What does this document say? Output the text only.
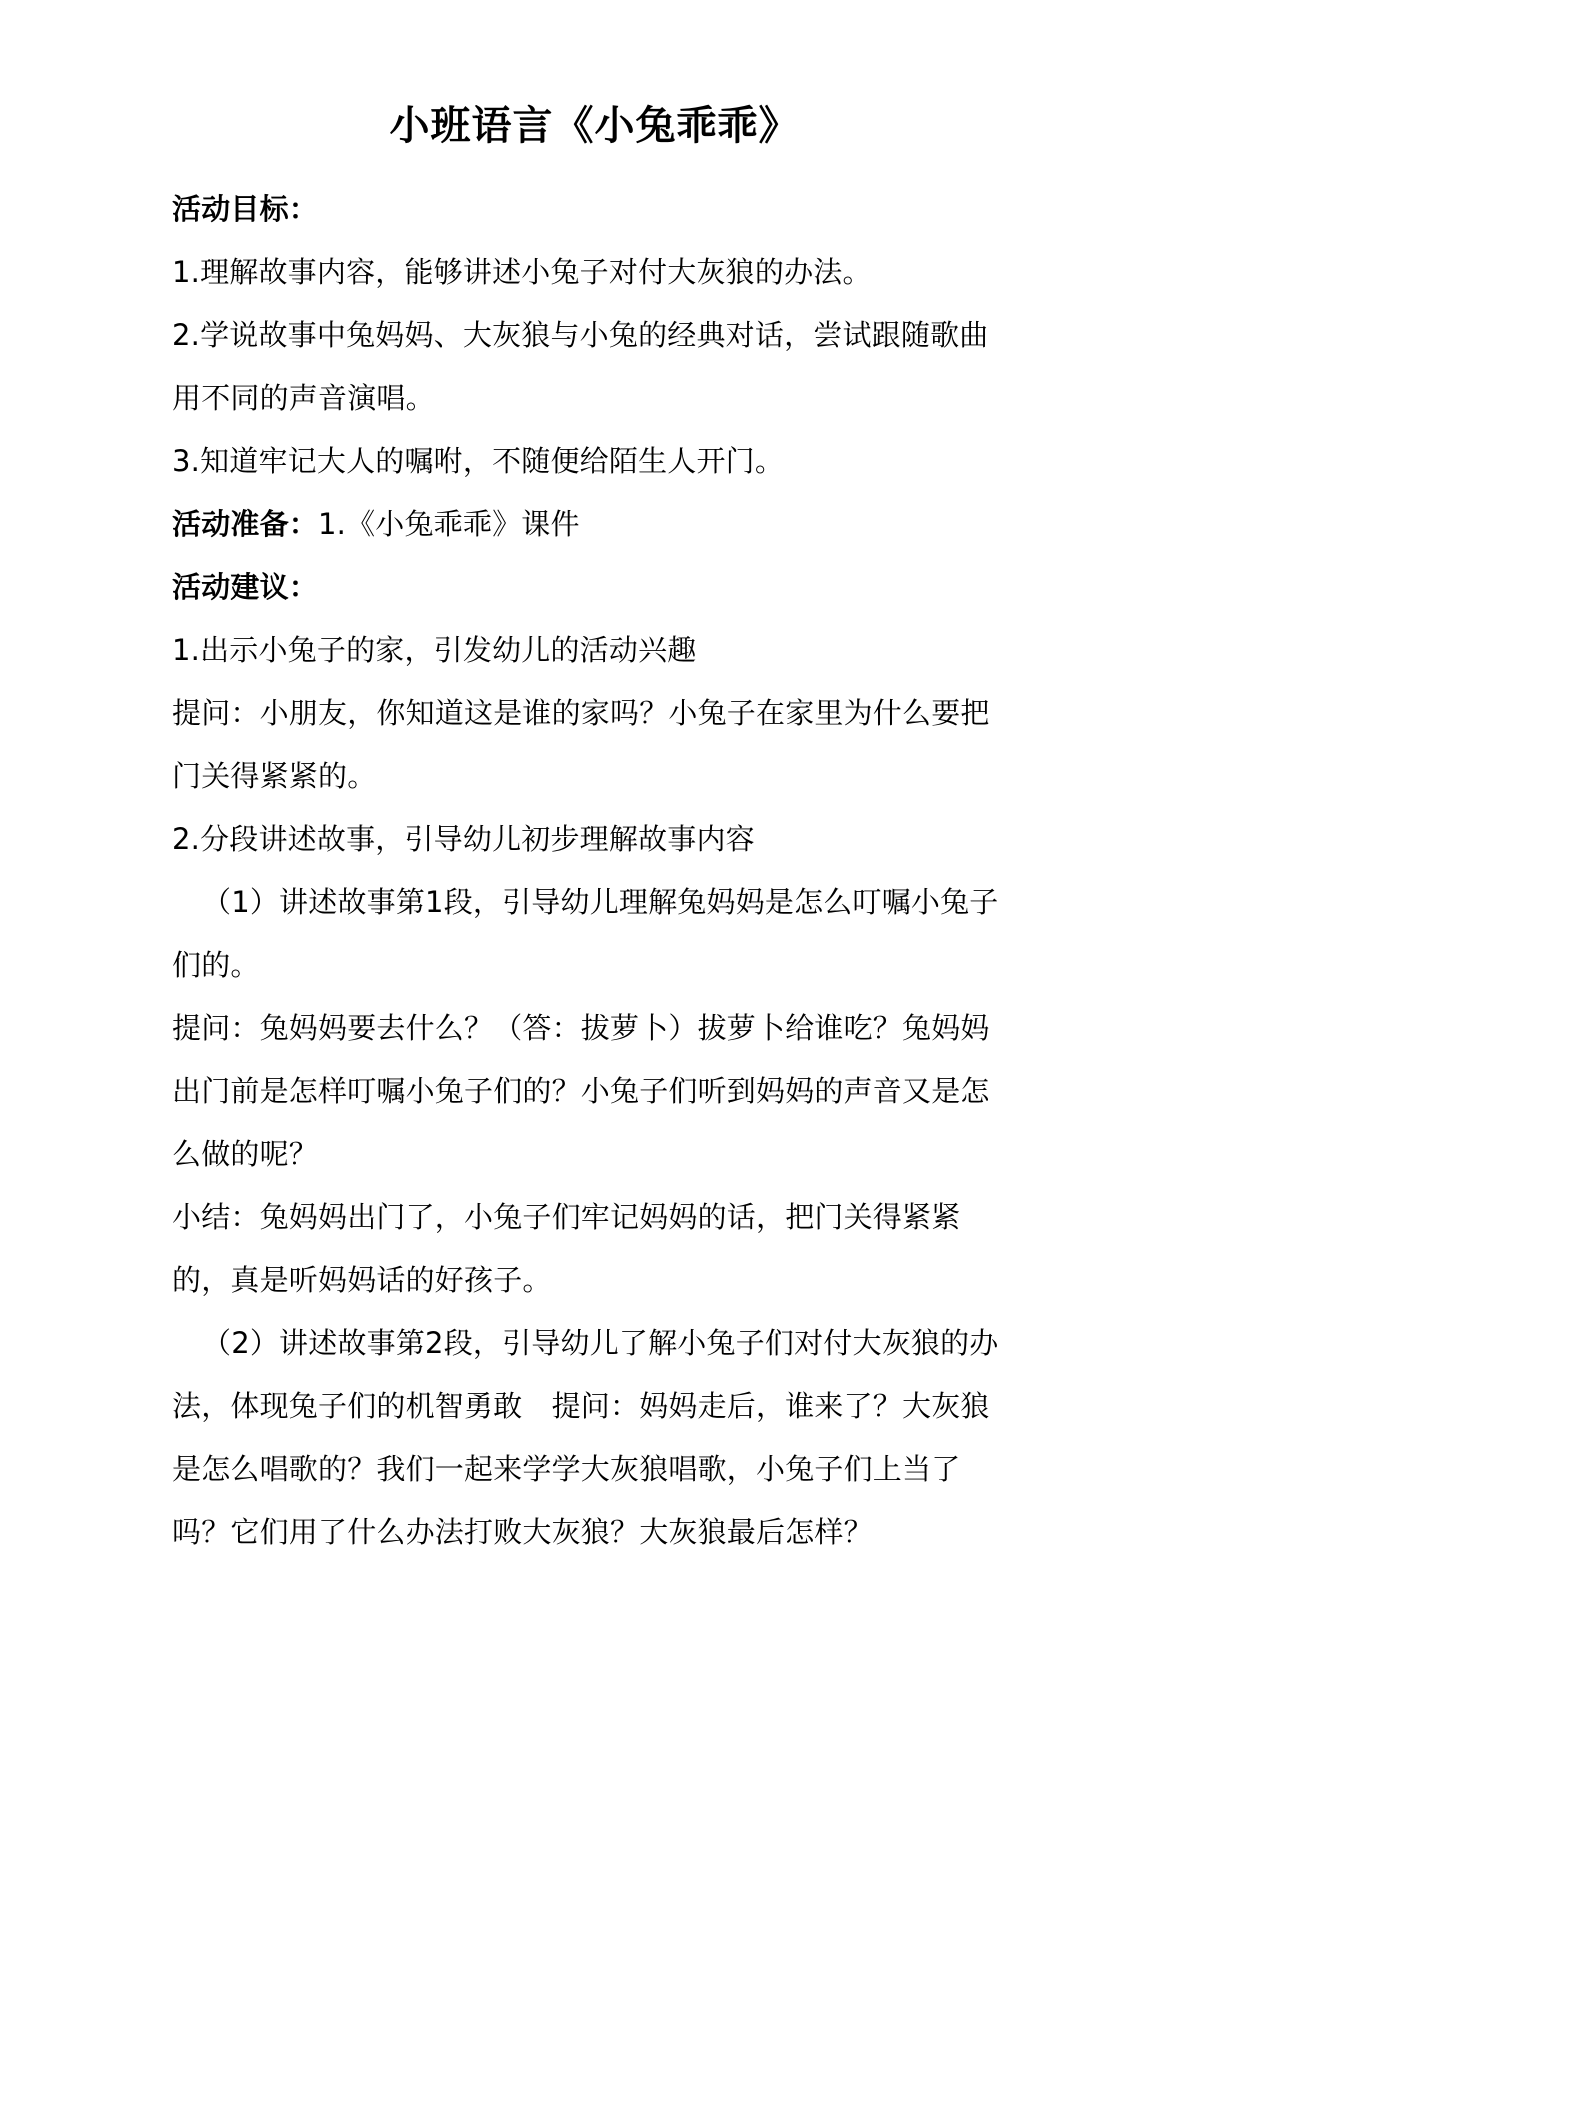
小班语言《小兔乖乖》

活动目标：

1.理解故事内容，能够讲述小兔子对付大灰狼的办法。

2.学说故事中兔妈妈、大灰狼与小兔的经典对话，尝试跟随歌曲用不同的声音演唱。

3.知道牢记大人的嘱咐，不随便给陌生人开门。

活动准备：1.《小兔乖乖》课件

活动建议：

1.出示小兔子的家，引发幼儿的活动兴趣

提问：小朋友，你知道这是谁的家吗？小兔子在家里为什么要把门关得紧紧的。

2.分段讲述故事，引导幼儿初步理解故事内容

（1）讲述故事第1段，引导幼儿理解兔妈妈是怎么叮嘱小兔子们的。

提问：兔妈妈要去什么？（答：拔萝卜）拔萝卜给谁吃？兔妈妈出门前是怎样叮嘱小兔子们的？小兔子们听到妈妈的声音又是怎么做的呢？

小结：兔妈妈出门了，小兔子们牢记妈妈的话，把门关得紧紧的，真是听妈妈话的好孩子。

（2）讲述故事第2段，引导幼儿了解小兔子们对付大灰狼的办法，体现兔子们的机智勇敢　提问：妈妈走后，谁来了？大灰狼是怎么唱歌的？我们一起来学学大灰狼唱歌，小兔子们上当了吗？它们用了什么办法打败大灰狼？大灰狼最后怎样？
